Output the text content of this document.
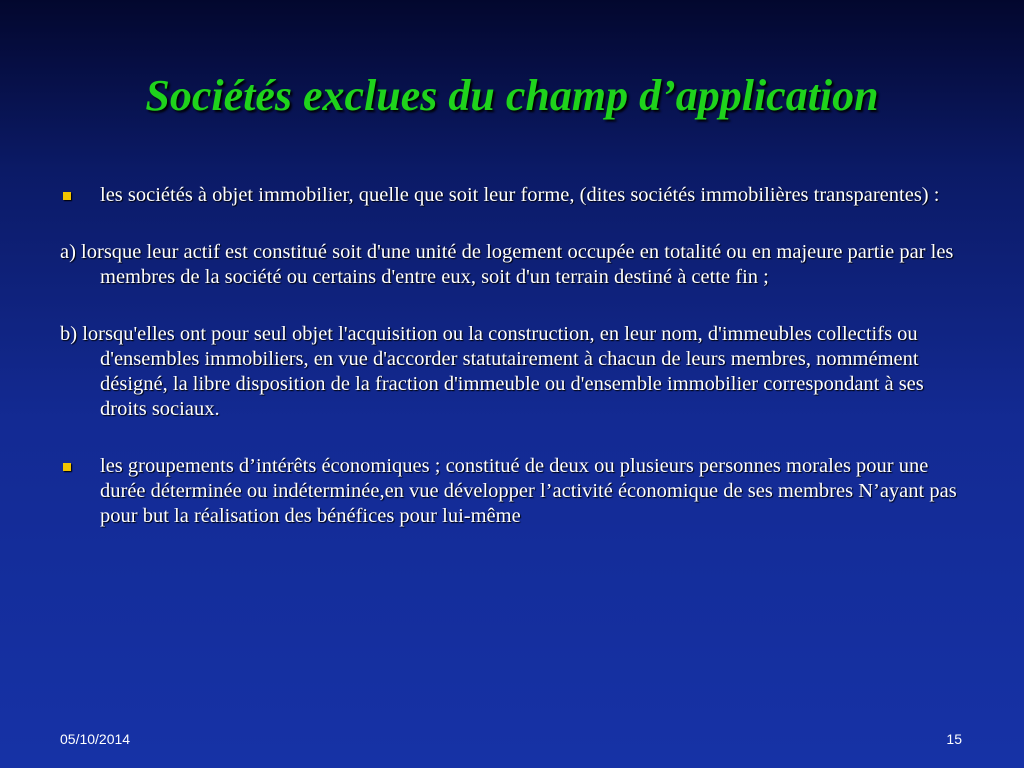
Sociétés exclues du champ d’application
les sociétés à objet immobilier, quelle que soit leur forme, (dites sociétés immobilières transparentes) :
a) lorsque leur actif est constitué soit d'une unité de logement occupée en totalité ou en majeure partie par les membres de la société ou certains d'entre eux, soit d'un terrain destiné à cette fin ;
b) lorsqu'elles ont pour seul objet l'acquisition ou la construction, en leur nom, d'immeubles collectifs ou d'ensembles immobiliers, en vue d'accorder statutairement à chacun de leurs membres, nommément désigné, la libre disposition de la fraction d'immeuble ou d'ensemble immobilier correspondant à ses droits sociaux.
les groupements d’intérêts économiques ; constitué de deux ou plusieurs personnes morales pour une durée déterminée ou indéterminée,en vue développer l’activité économique de ses membres N’ayant pas pour but la réalisation des bénéfices pour lui-même
05/10/2014	15
